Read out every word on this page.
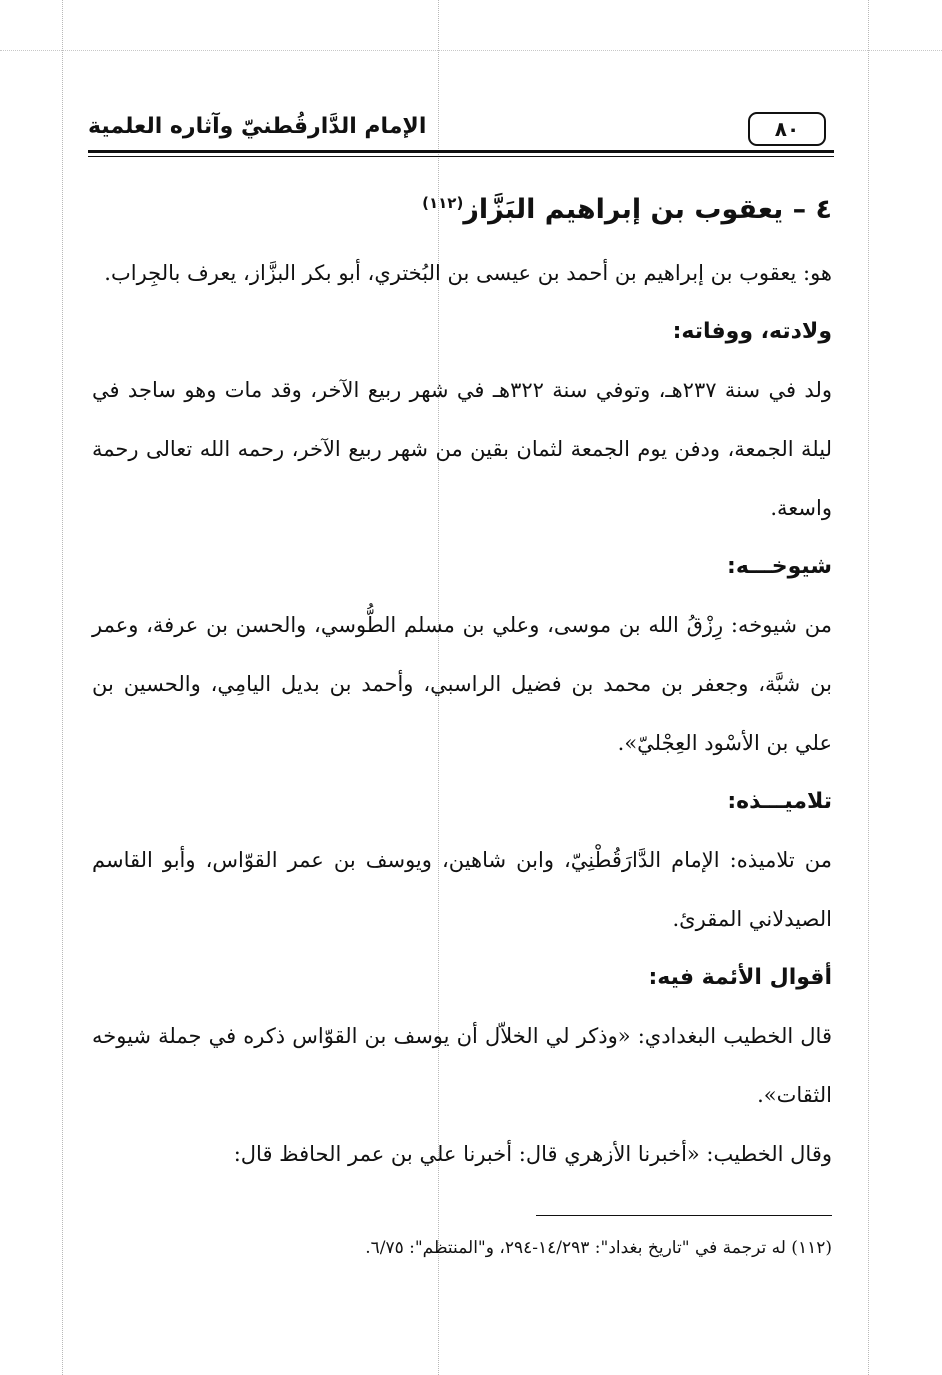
الإمام الدَّارقُطنيّ وآثاره العلمية	٨٠
٤ – يعقوب بن إبراهيم البَزَّاز$^{(١١٢)}$

هو: يعقوب بن إبراهيم بن أحمد بن عيسى بن البُختري، أبو بكر البزَّاز، يعرف بالجِراب.

ولادته، ووفاته:

ولد في سنة ٢٣٧هـ، وتوفي سنة ٣٢٢هـ في شهر ربيع الآخر، وقد مات وهو ساجد في ليلة الجمعة، ودفن يوم الجمعة لثمان بقين من شهر ربيع الآخر، رحمه الله تعالى رحمة واسعة.

شيوخـــه:

من شيوخه: رِزْقُ الله بن موسى، وعلي بن مسلم الطُّوسي، والحسن بن عرفة، وعمر بن شبَّة، وجعفر بن محمد بن فضيل الراسبي، وأحمد بن بديل اليامِي، والحسين بن علي بن الأسْود العِجْليّ».

تلاميـــذه:

من تلاميذه: الإمام الدَّارَقُطْنِيّ، وابن شاهين، ويوسف بن عمر القوّاس، وأبو القاسم الصيدلاني المقرئ.

أقوال الأئمة فيه:

قال الخطيب البغدادي: «وذكر لي الخلاّل أن يوسف بن القوّاس ذكره في جملة شيوخه الثقات».

وقال الخطيب: «أخبرنا الأزهري قال: أخبرنا علي بن عمر الحافظ قال:

(١١٢) له ترجمة في "تاريخ بغداد": ١٤/٢٩٣-٢٩٤، و"المنتظم": ٦/٧٥.
